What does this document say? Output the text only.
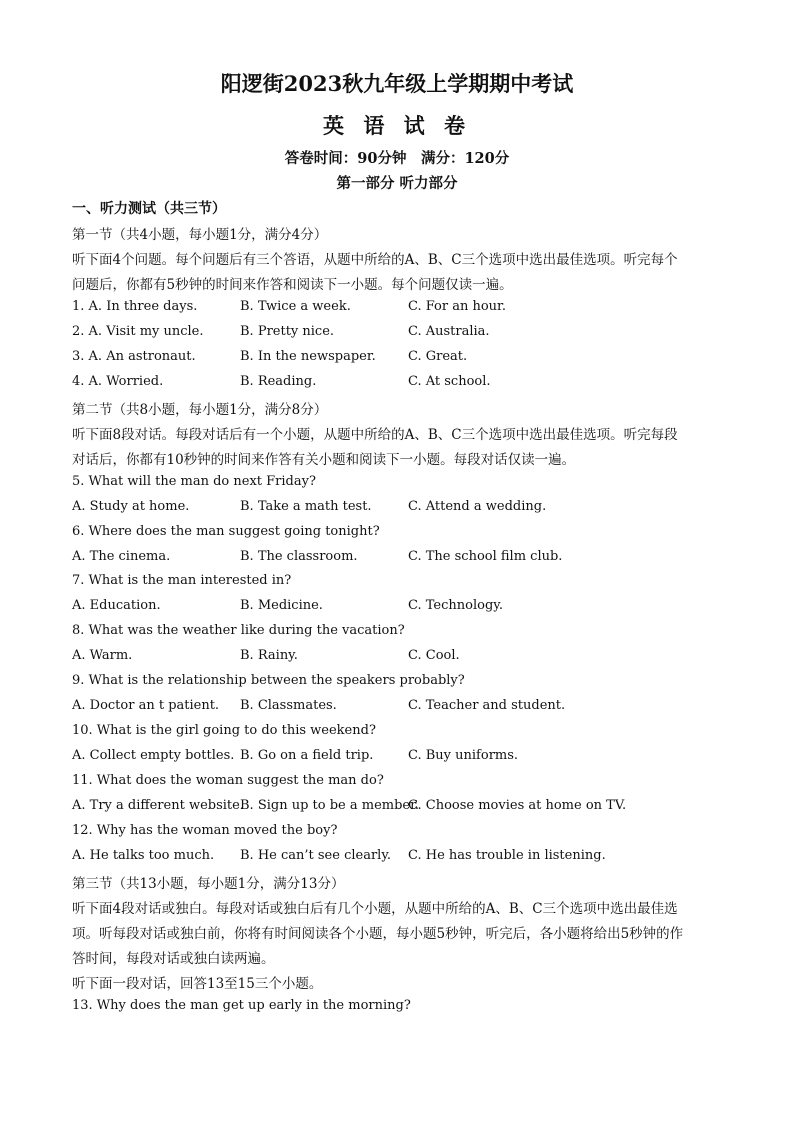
阳逻街2023秋九年级上学期期中考试
英 语 试 卷
答卷时间：90分钟　满分：120分
第一部分 听力部分
一、听力测试（共三节）
第一节（共4小题，每小题1分，满分4分）
听下面4个问题。每个问题后有三个答语，从题中所给的A、B、C三个选项中选出最佳选项。听完每个
问题后，你都有5秒钟的时间来作答和阅读下一小题。每个问题仅读一遍。
1. A. In three days.	B. Twice a week.	C. For an hour.
2. A. Visit my uncle.	B. Pretty nice.	C. Australia.
3. A. An astronaut.	B. In the newspaper. C. Great.
4. A. Worried.	B. Reading.	C. At school.
第二节（共8小题，每小题1分，满分8分）
听下面8段对话。每段对话后有一个小题，从题中所给的A、B、C三个选项中选出最佳选项。听完每段
对话后，你都有10秒钟的时间来作答有关小题和阅读下一小题。每段对话仅读一遍。
5. What will the man do next Friday?
A. Study at home.	B. Take a math test.	C. Attend a wedding.
6. Where does the man suggest going tonight?
A. The cinema.	B. The classroom.	C. The school film club.
7. What is the man interested in?
A. Education.	B. Medicine.	C. Technology.
8. What was the weather like during the vacation?
A. Warm.	B. Rainy.	C. Cool.
9. What is the relationship between the speakers probably?
A. Doctor an t patient. B. Classmates.	C. Teacher and student.
10. What is the girl going to do this weekend?
A. Collect empty bottles. B. Go on a field trip.	C. Buy uniforms.
11. What does the woman suggest the man do?
A. Try a different website.
B. Sign up to be a member.
C. Choose movies at home on TV.
12. Why has the woman moved the boy?
A. He talks too much. B. He can’t see clearly. C. He has trouble in listening.
第三节（共13小题，每小题1分，满分13分）
听下面4段对话或独白。每段对话或独白后有几个小题，从题中所给的A、B、C三个选项中选出最佳选
项。听每段对话或独白前，你将有时间阅读各个小题，每小题5秒钟，听完后，各小题将给出5秒钟的作
答时间，每段对话或独白读两遍。
听下面一段对话，回答13至15三个小题。
13. Why does the man get up early in the morning?
